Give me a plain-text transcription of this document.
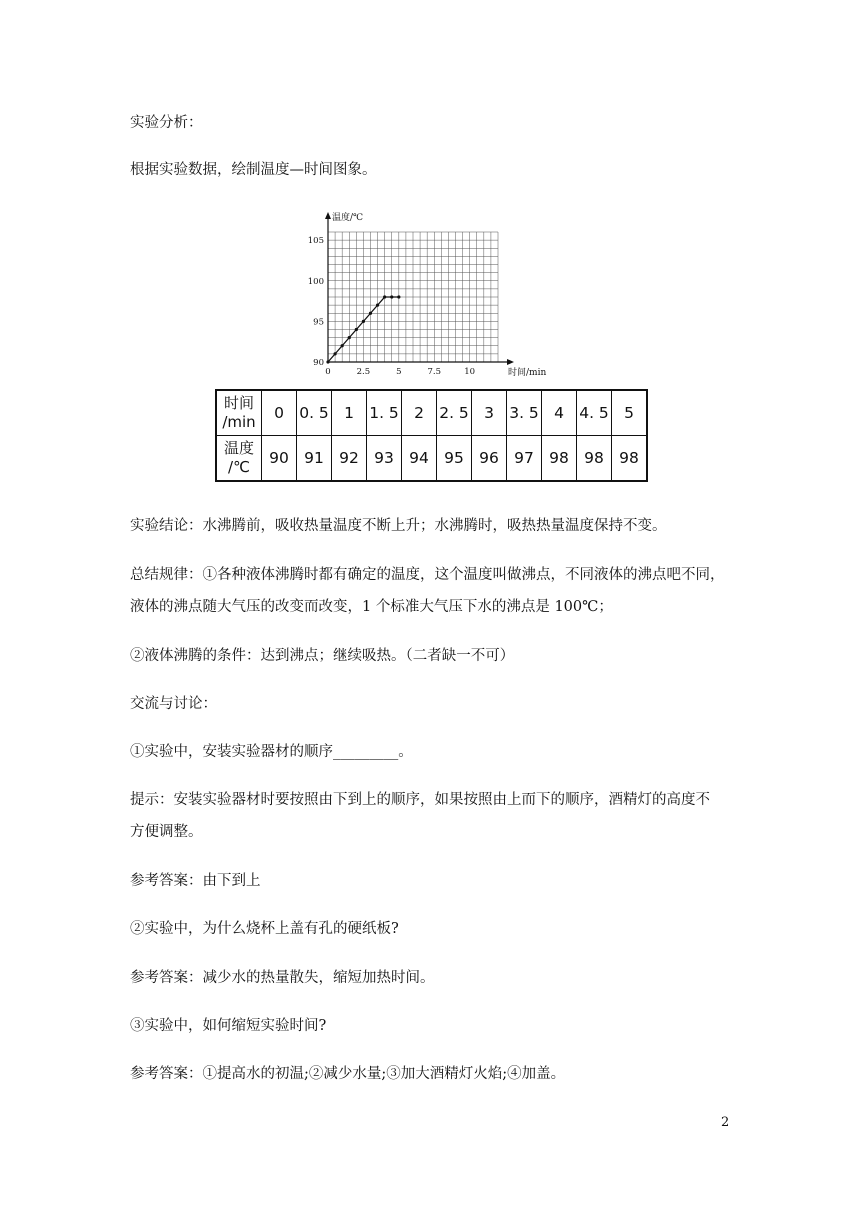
实验分析：

根据实验数据，绘制温度—时间图象。

0	2.5	5	7.5	10
90
95
100
105
温度/℃
时间/min
时间
/min	0	0. 5	1	1. 5	2	2. 5	3	3. 5	4	4. 5	5
温度
/℃	90	91	92	93	94	95	96	97	98	98	98

实验结论：水沸腾前，吸收热量温度不断上升；水沸腾时，吸热热量温度保持不变。

总结规律：①各种液体沸腾时都有确定的温度，这个温度叫做沸点，不同液体的沸点吧不同，

液体的沸点随大气压的改变而改变，1 个标准大气压下水的沸点是 100℃；

②液体沸腾的条件：达到沸点；继续吸热。（二者缺一不可）

交流与讨论：

①实验中，安装实验器材的顺序_________。

提示：安装实验器材时要按照由下到上的顺序，如果按照由上而下的顺序，酒精灯的高度不

方便调整。

参考答案：由下到上

②实验中，为什么烧杯上盖有孔的硬纸板?

参考答案：减少水的热量散失，缩短加热时间。

③实验中，如何缩短实验时间?

参考答案：①提高水的初温;②减少水量;③加大酒精灯火焰;④加盖。

2
